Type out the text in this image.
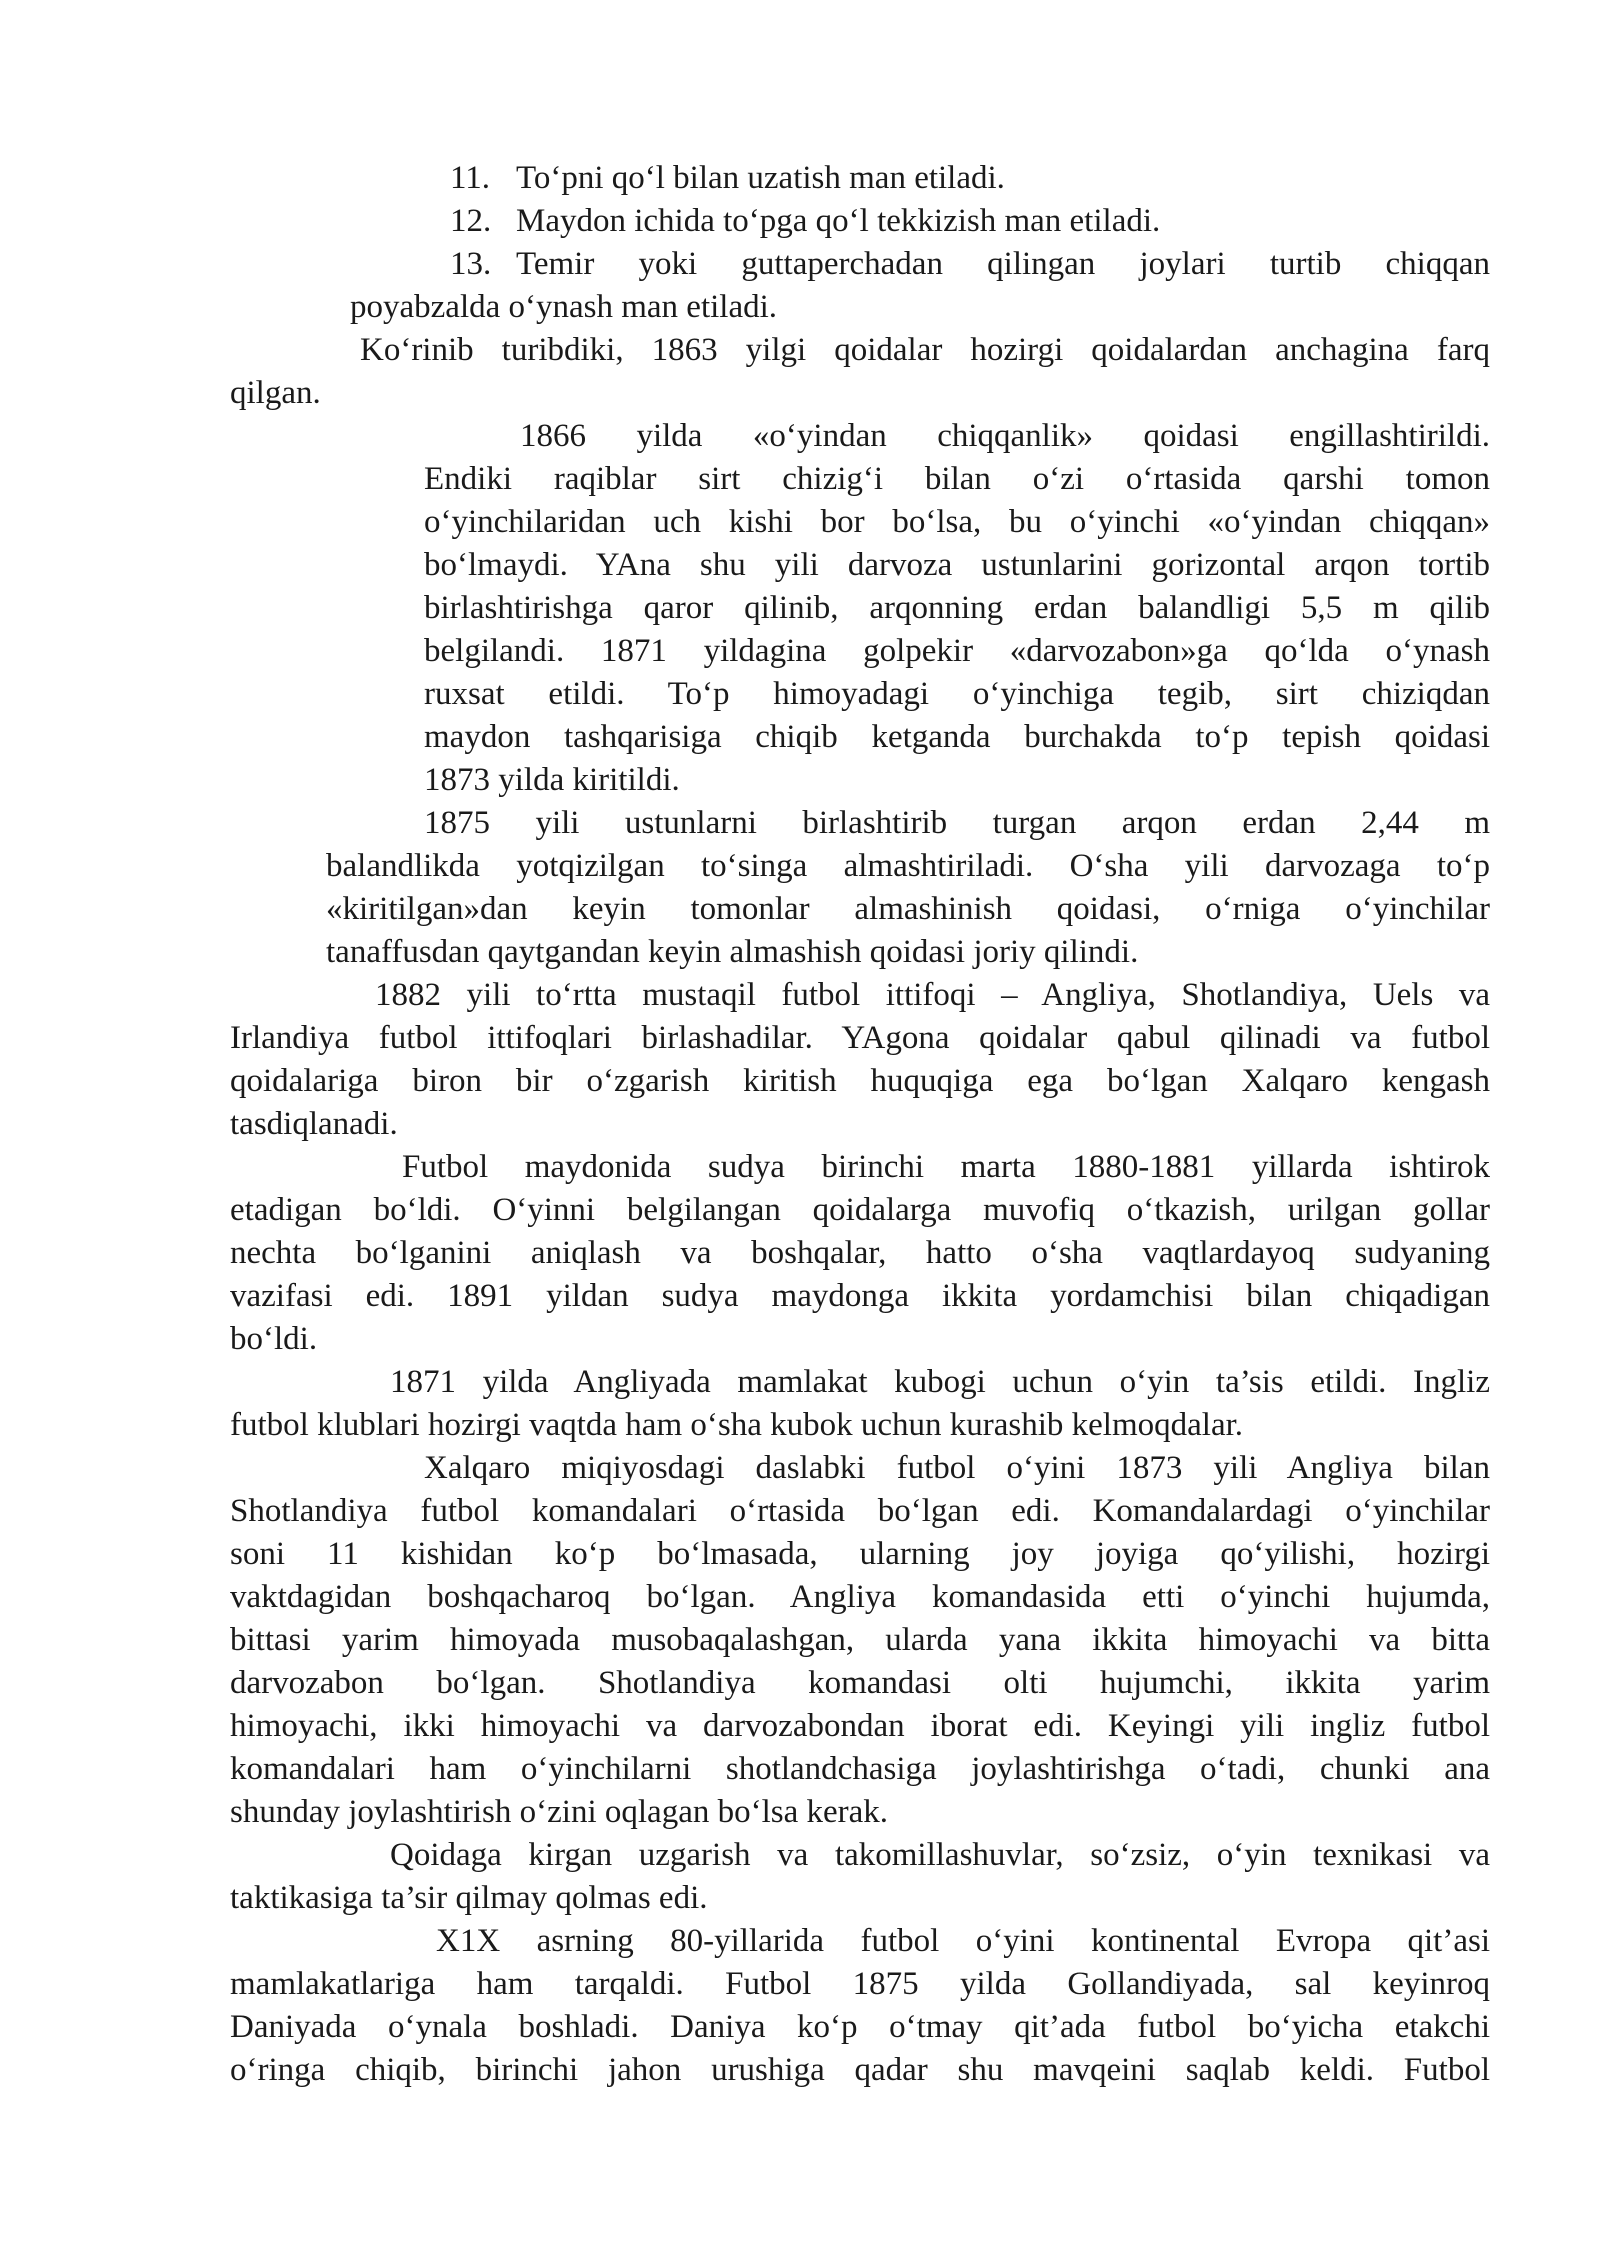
11. To‘pni qo‘l bilan uzatish man etiladi.
12. Maydon ichida to‘pga qo‘l tekkizish man etiladi.
13. Temir yoki guttaperchadan qilingan joylari turtib chiqqan
poyabzalda o‘ynash man etiladi.
Ko‘rinib turibdiki, 1863 yilgi qoidalar hozirgi qoidalardan anchagina farq
qilgan.
1866 yilda «o‘yindan chiqqanlik» qoidasi engillashtirildi.
Endiki raqiblar sirt chizig‘i bilan o‘zi o‘rtasida qarshi tomon
o‘yinchilaridan uch kishi bor bo‘lsa, bu o‘yinchi «o‘yindan chiqqan»
bo‘lmaydi. YAna shu yili darvoza ustunlarini gorizontal arqon tortib
birlashtirishga qaror qilinib, arqonning erdan balandligi 5,5 m qilib
belgilandi. 1871 yildagina golpekir «darvozabon»ga qo‘lda o‘ynash
ruxsat etildi. To‘p himoyadagi o‘yinchiga tegib, sirt chiziqdan
maydon tashqarisiga chiqib ketganda burchakda to‘p tepish qoidasi
1873 yilda kiritildi.
1875 yili ustunlarni birlashtirib turgan arqon erdan 2,44 m
balandlikda yotqizilgan to‘singa almashtiriladi. O‘sha yili darvozaga to‘p
«kiritilgan»dan keyin tomonlar almashinish qoidasi, o‘rniga o‘yinchilar
tanaffusdan qaytgandan keyin almashish qoidasi joriy qilindi.
1882 yili to‘rtta mustaqil futbol ittifoqi – Angliya, Shotlandiya, Uels va
Irlandiya futbol ittifoqlari birlashadilar. YAgona qoidalar qabul qilinadi va futbol
qoidalariga biron bir o‘zgarish kiritish huquqiga ega bo‘lgan Xalqaro kengash
tasdiqlanadi.
Futbol maydonida sudya birinchi marta 1880-1881 yillarda ishtirok
etadigan bo‘ldi. O‘yinni belgilangan qoidalarga muvofiq o‘tkazish, urilgan gollar
nechta bo‘lganini aniqlash va boshqalar, hatto o‘sha vaqtlardayoq sudyaning
vazifasi edi. 1891 yildan sudya maydonga ikkita yordamchisi bilan chiqadigan
bo‘ldi.
1871 yilda Angliyada mamlakat kubogi uchun o‘yin ta’sis etildi. Ingliz
futbol klublari hozirgi vaqtda ham o‘sha kubok uchun kurashib kelmoqdalar.
Xalqaro miqiyosdagi daslabki futbol o‘yini 1873 yili Angliya bilan
Shotlandiya futbol komandalari o‘rtasida bo‘lgan edi. Komandalardagi o‘yinchilar
soni 11 kishidan ko‘p bo‘lmasada, ularning joy joyiga qo‘yilishi, hozirgi
vaktdagidan boshqacharoq bo‘lgan. Angliya komandasida etti o‘yinchi hujumda,
bittasi yarim himoyada musobaqalashgan, ularda yana ikkita himoyachi va bitta
darvozabon bo‘lgan. Shotlandiya komandasi olti hujumchi, ikkita yarim
himoyachi, ikki himoyachi va darvozabondan iborat edi. Keyingi yili ingliz futbol
komandalari ham o‘yinchilarni shotlandchasiga joylashtirishga o‘tadi, chunki ana
shunday joylashtirish o‘zini oqlagan bo‘lsa kerak.
Qoidaga kirgan uzgarish va takomillashuvlar, so‘zsiz, o‘yin texnikasi va
taktikasiga ta’sir qilmay qolmas edi.
X1X asrning 80-yillarida futbol o‘yini kontinental Evropa qit’asi
mamlakatlariga ham tarqaldi. Futbol 1875 yilda Gollandiyada, sal keyinroq
Daniyada o‘ynala boshladi. Daniya ko‘p o‘tmay qit’ada futbol bo‘yicha etakchi
o‘ringa chiqib, birinchi jahon urushiga qadar shu mavqeini saqlab keldi. Futbol
